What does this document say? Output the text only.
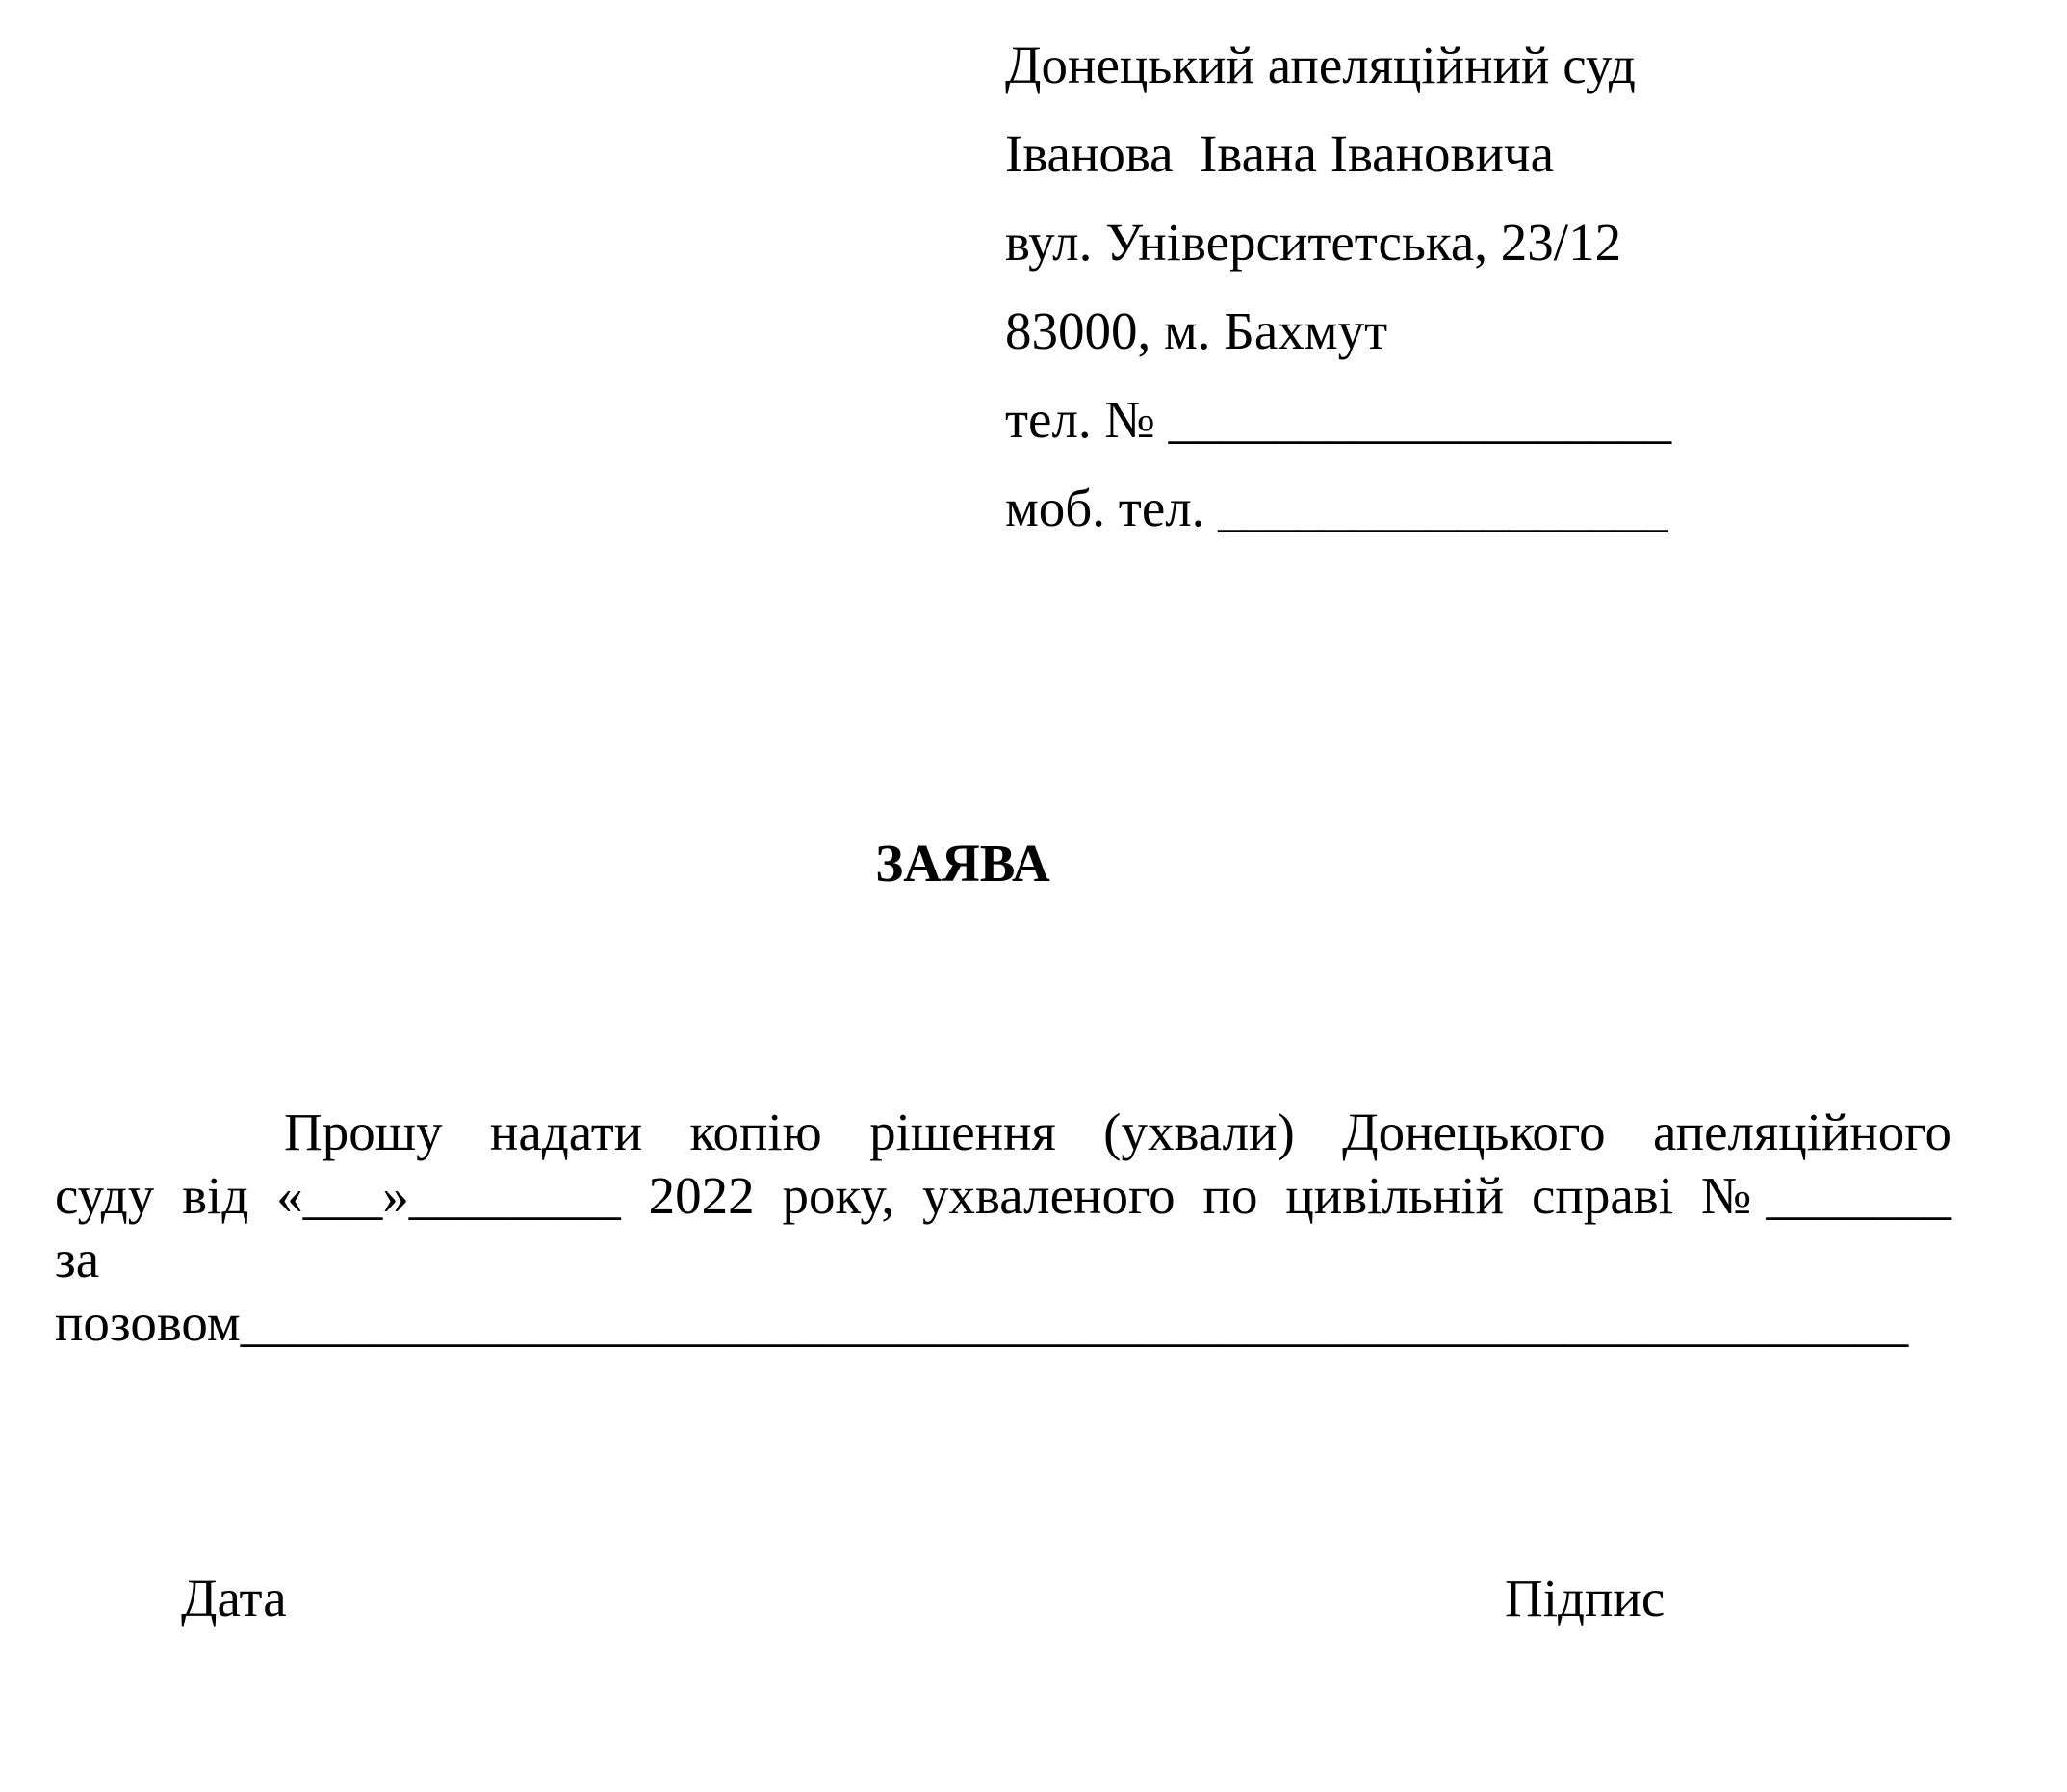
Донецький апеляційний суд
Іванова  Івана Івановича
вул. Університетська, 23/12
83000, м. Бахмут
тел. № ___________________
моб. тел. _________________
ЗАЯВА
Прошу надати копію рішення (ухвали) Донецького апеляційного
суду від «___»________ 2022 року, ухваленого по цивільній справі №_______
за
позовом_______________________________________________________________
Дата	Підпис
